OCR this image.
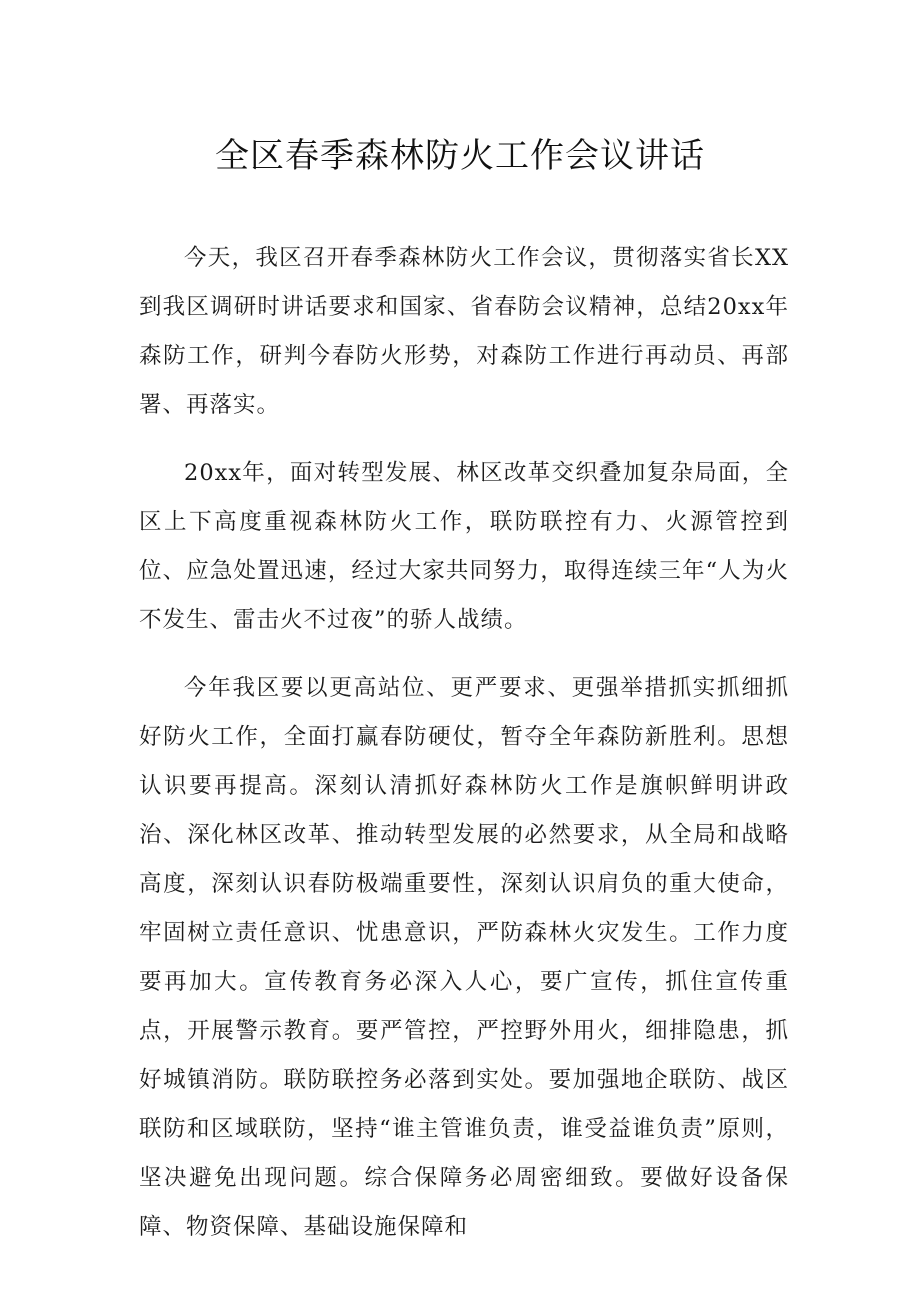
全区春季森林防火工作会议讲话

今天，我区召开春季森林防火工作会议，贯彻落实省长XX到我区调研时讲话要求和国家、省春防会议精神，总结20xx年森防工作，研判今春防火形势，对森防工作进行再动员、再部署、再落实。

20xx年，面对转型发展、林区改革交织叠加复杂局面，全区上下高度重视森林防火工作，联防联控有力、火源管控到位、应急处置迅速，经过大家共同努力，取得连续三年“人为火不发生、雷击火不过夜”的骄人战绩。

今年我区要以更高站位、更严要求、更强举措抓实抓细抓好防火工作，全面打赢春防硬仗，暂夺全年森防新胜利。思想认识要再提高。深刻认清抓好森林防火工作是旗帜鲜明讲政治、深化林区改革、推动转型发展的必然要求，从全局和战略高度，深刻认识春防极端重要性，深刻认识肩负的重大使命，牢固树立责任意识、忧患意识，严防森林火灾发生。工作力度要再加大。宣传教育务必深入人心，要广宣传，抓住宣传重点，开展警示教育。要严管控，严控野外用火，细排隐患，抓好城镇消防。联防联控务必落到实处。要加强地企联防、战区联防和区域联防，坚持“谁主管谁负责，谁受益谁负责”原则，坚决避免出现问题。综合保障务必周密细致。要做好设备保障、物资保障、基础设施保障和
